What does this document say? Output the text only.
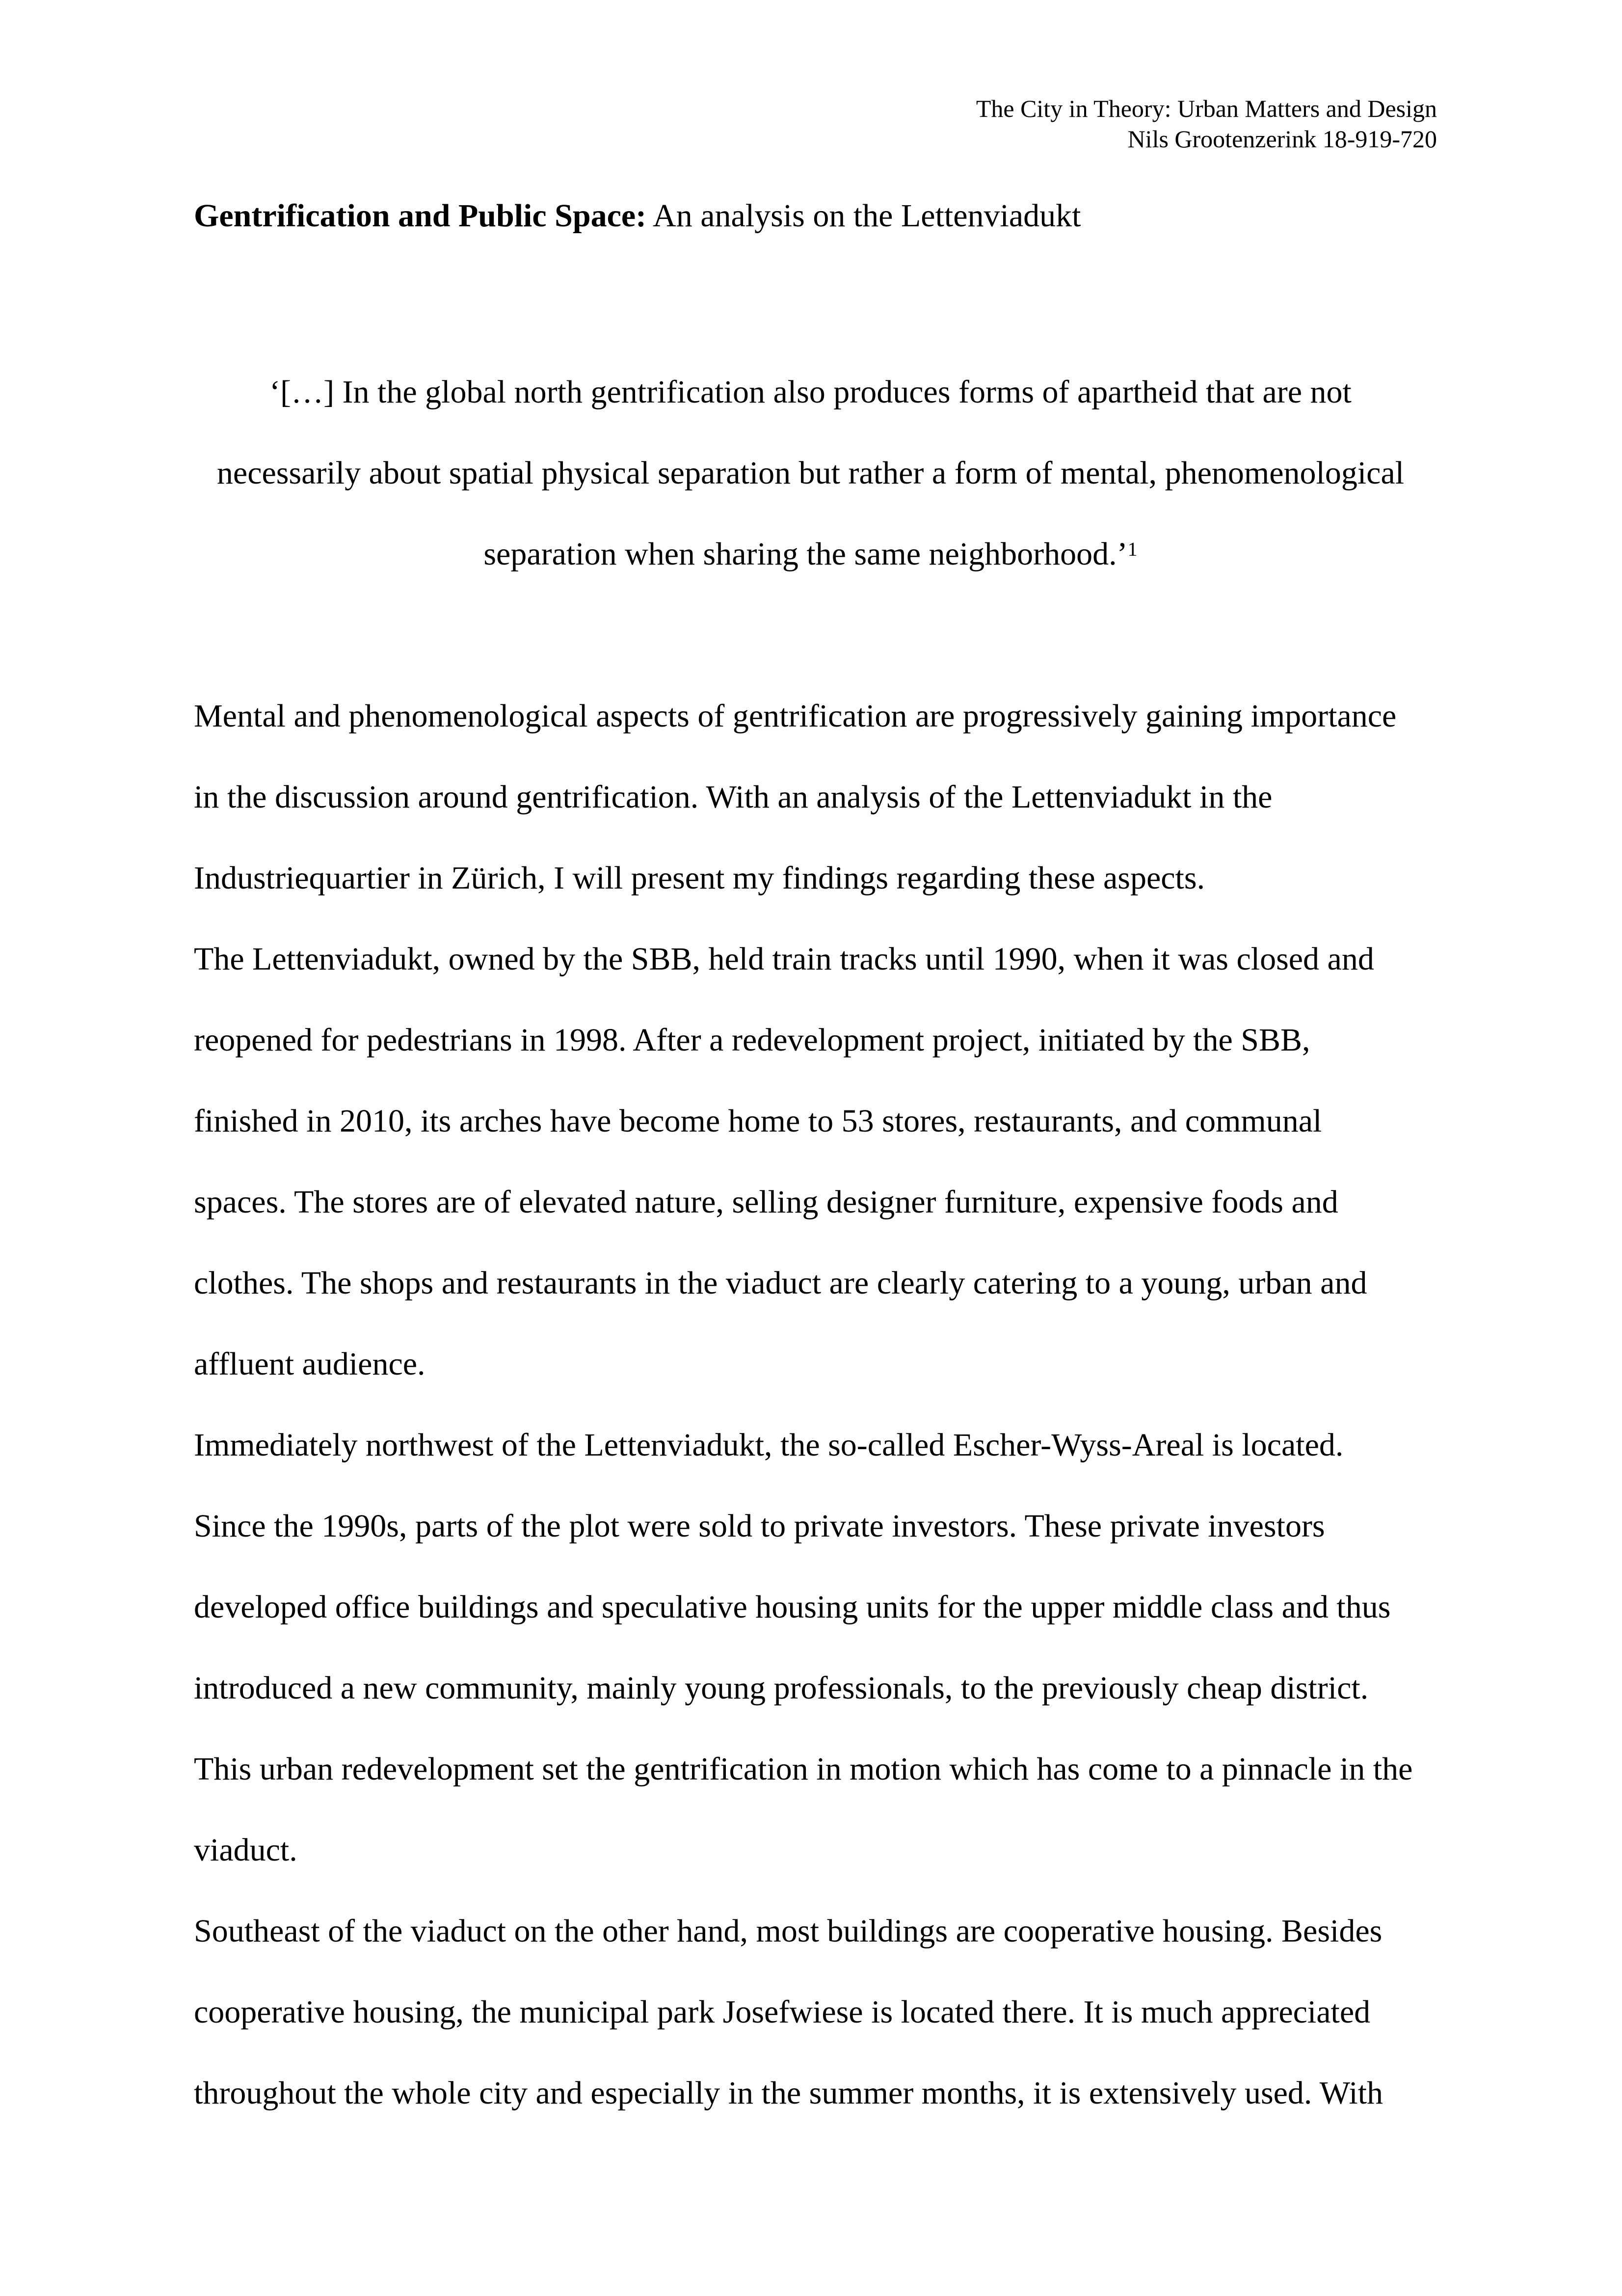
The City in Theory: Urban Matters and Design
Nils Grootenzerink 18-919-720
Gentrification and Public Space: An analysis on the Lettenviadukt
‘[…] In the global north gentrification also produces forms of apartheid that are not
necessarily about spatial physical separation but rather a form of mental, phenomenological
separation when sharing the same neighborhood.’$^1$
Mental and phenomenological aspects of gentrification are progressively gaining importance
in the discussion around gentrification. With an analysis of the Lettenviadukt in the
Industriequartier in Zürich, I will present my findings regarding these aspects.
The Lettenviadukt, owned by the SBB, held train tracks until 1990, when it was closed and
reopened for pedestrians in 1998. After a redevelopment project, initiated by the SBB,
finished in 2010, its arches have become home to 53 stores, restaurants, and communal
spaces. The stores are of elevated nature, selling designer furniture, expensive foods and
clothes. The shops and restaurants in the viaduct are clearly catering to a young, urban and
affluent audience.
Immediately northwest of the Lettenviadukt, the so-called Escher-Wyss-Areal is located.
Since the 1990s, parts of the plot were sold to private investors. These private investors
developed office buildings and speculative housing units for the upper middle class and thus
introduced a new community, mainly young professionals, to the previously cheap district.
This urban redevelopment set the gentrification in motion which has come to a pinnacle in the
viaduct.
Southeast of the viaduct on the other hand, most buildings are cooperative housing. Besides
cooperative housing, the municipal park Josefwiese is located there. It is much appreciated
throughout the whole city and especially in the summer months, it is extensively used. With
